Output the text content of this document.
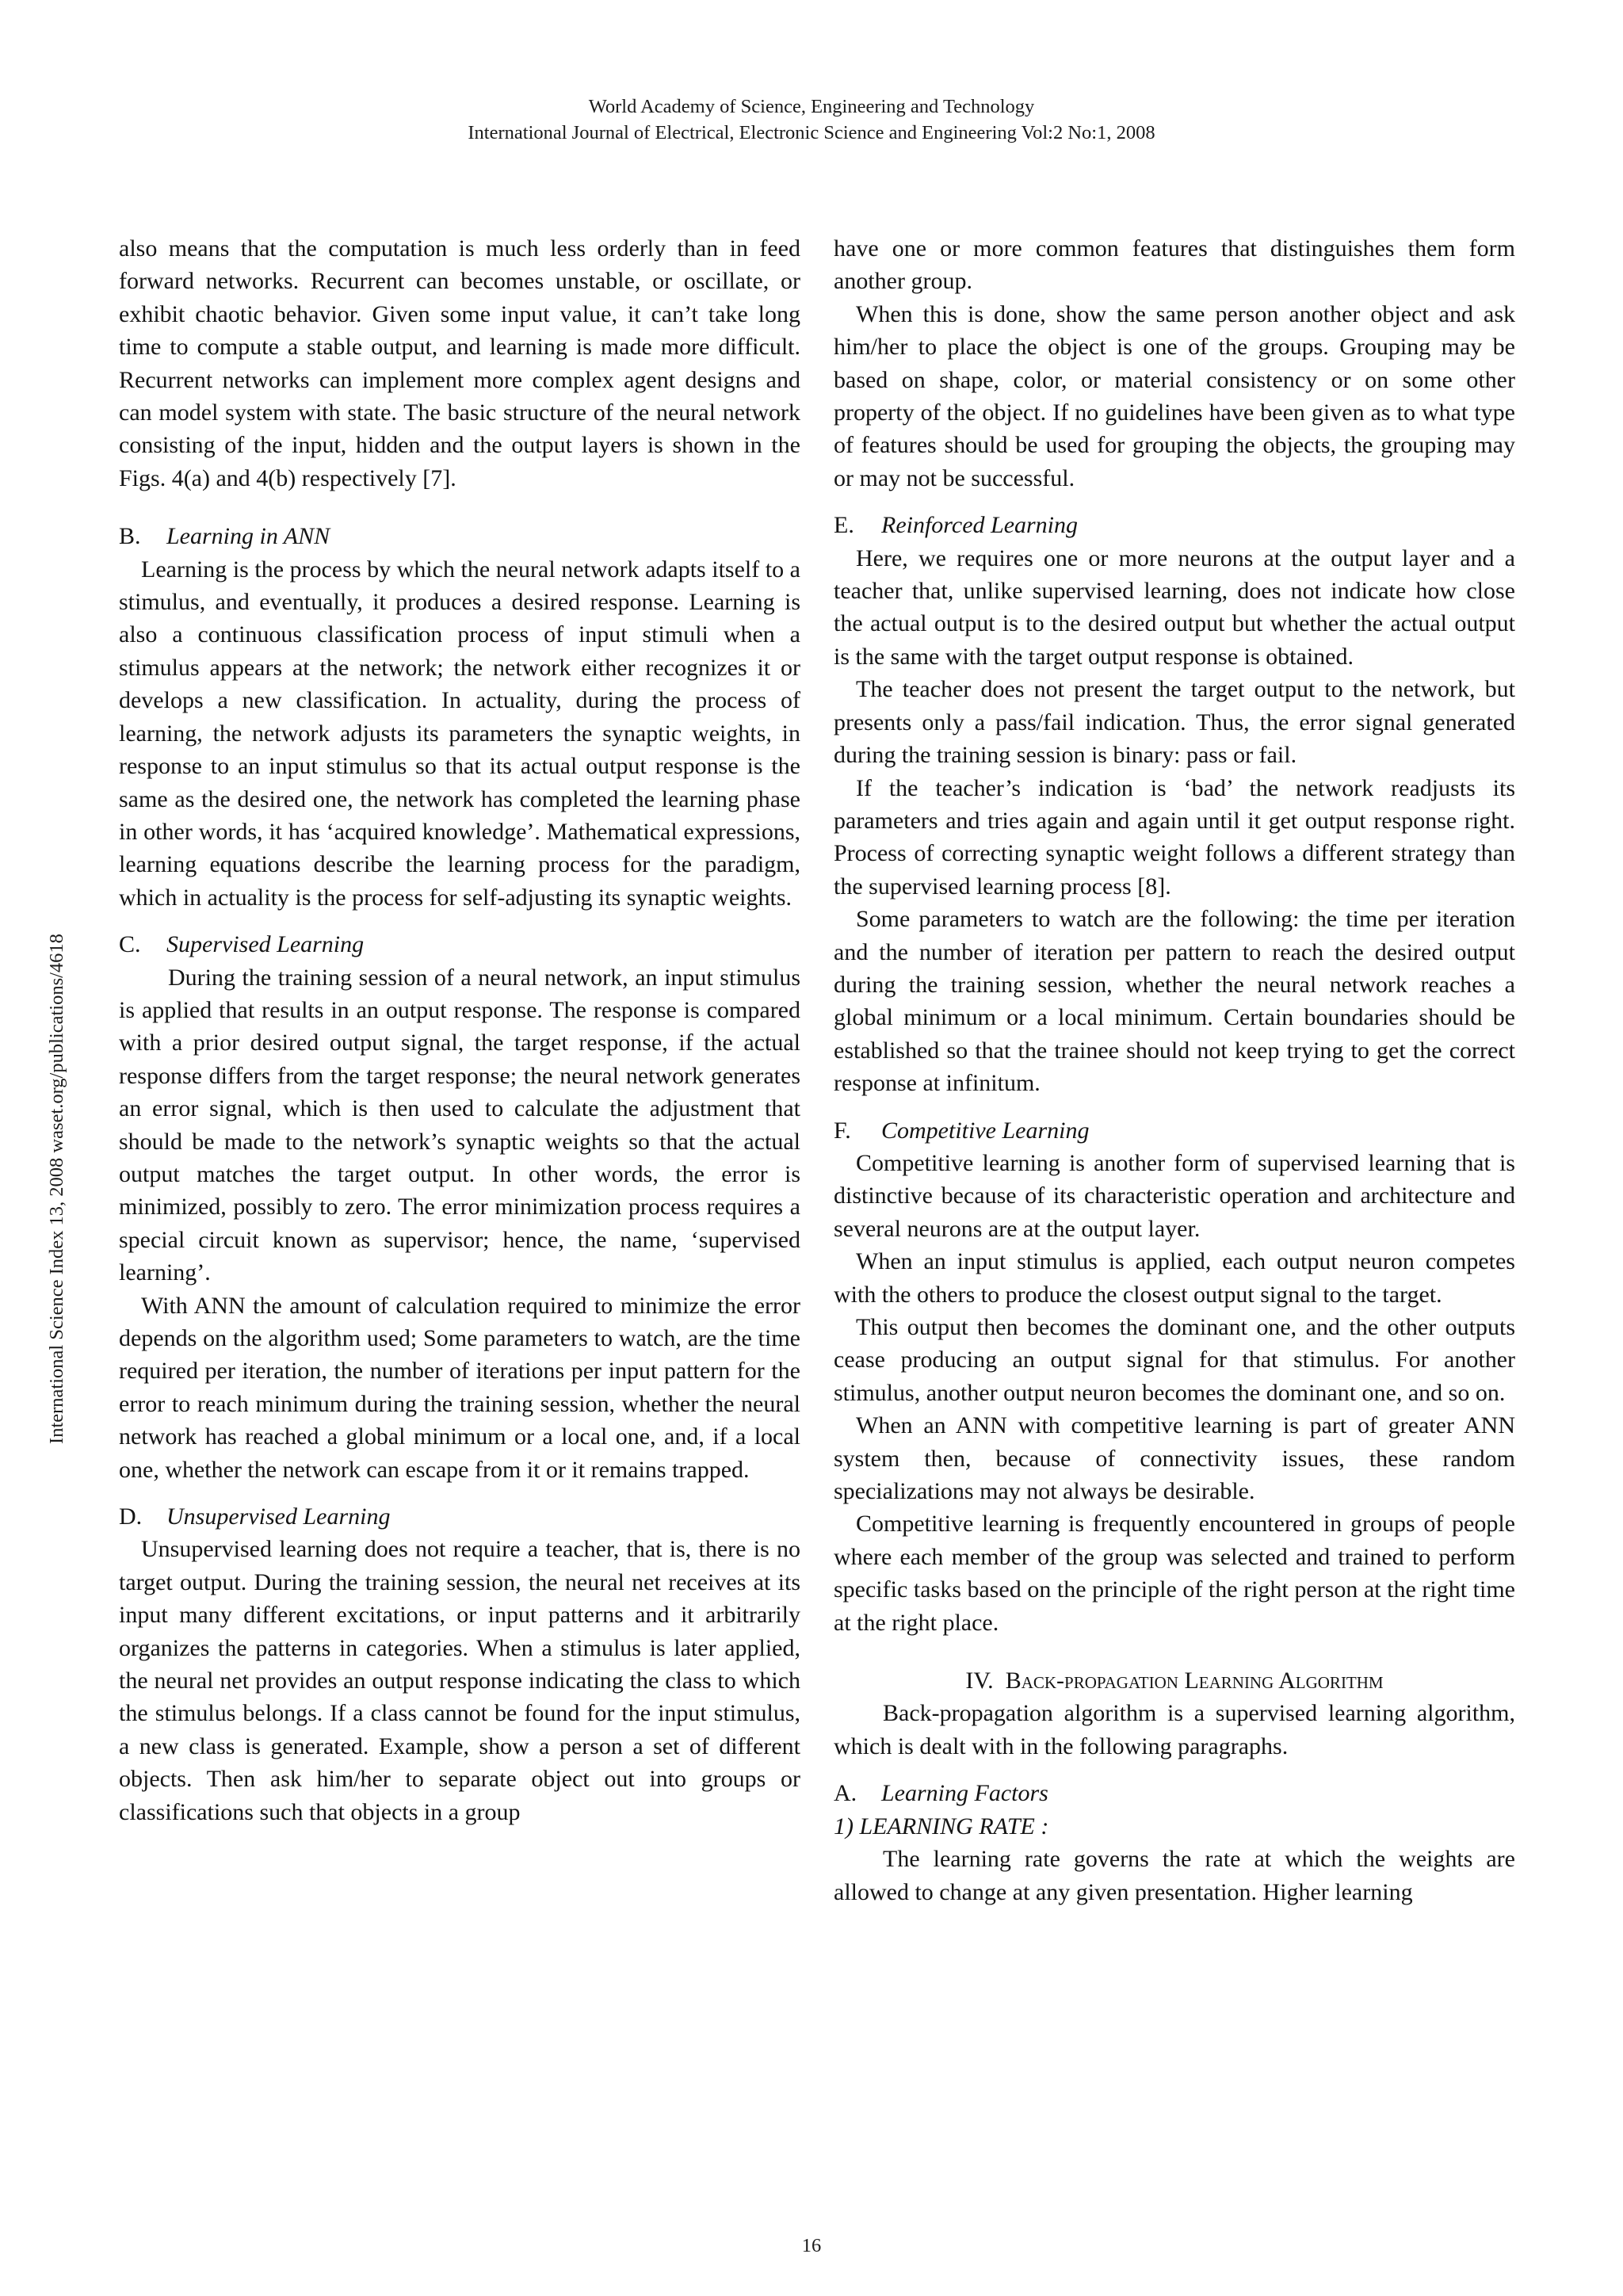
World Academy of Science, Engineering and Technology
International Journal of Electrical, Electronic Science and Engineering Vol:2 No:1, 2008
International Science Index 13, 2008 waset.org/publications/4618

also means that the computation is much less orderly than in feed forward networks. Recurrent can becomes unstable, or oscillate, or exhibit chaotic behavior. Given some input value, it can’t take long time to compute a stable output, and learning is made more difficult. Recurrent networks can implement more complex agent designs and can model system with state. The basic structure of the neural network consisting of the input, hidden and the output layers is shown in the Figs. 4(a) and 4(b) respectively [7].

B. Learning in ANN

Learning is the process by which the neural network adapts itself to a stimulus, and eventually, it produces a desired response. Learning is also a continuous classification process of input stimuli when a stimulus appears at the network; the network either recognizes it or develops a new classification. In actuality, during the process of learning, the network adjusts its parameters the synaptic weights, in response to an input stimulus so that its actual output response is the same as the desired one, the network has completed the learning phase in other words, it has ‘acquired knowledge’. Mathematical expressions, learning equations describe the learning process for the paradigm, which in actuality is the process for self-adjusting its synaptic weights.

C. Supervised Learning

During the training session of a neural network, an input stimulus is applied that results in an output response. The response is compared with a prior desired output signal, the target response, if the actual response differs from the target response; the neural network generates an error signal, which is then used to calculate the adjustment that should be made to the network’s synaptic weights so that the actual output matches the target output. In other words, the error is minimized, possibly to zero. The error minimization process requires a special circuit known as supervisor; hence, the name, ‘supervised learning’.

With ANN the amount of calculation required to minimize the error depends on the algorithm used; Some parameters to watch, are the time required per iteration, the number of iterations per input pattern for the error to reach minimum during the training session, whether the neural network has reached a global minimum or a local one, and, if a local one, whether the network can escape from it or it remains trapped.

D. Unsupervised Learning

Unsupervised learning does not require a teacher, that is, there is no target output. During the training session, the neural net receives at its input many different excitations, or input patterns and it arbitrarily organizes the patterns in categories. When a stimulus is later applied, the neural net provides an output response indicating the class to which the stimulus belongs. If a class cannot be found for the input stimulus, a new class is generated. Example, show a person a set of different objects. Then ask him/her to separate object out into groups or classifications such that objects in a group

have one or more common features that distinguishes them form another group.

When this is done, show the same person another object and ask him/her to place the object is one of the groups. Grouping may be based on shape, color, or material consistency or on some other property of the object. If no guidelines have been given as to what type of features should be used for grouping the objects, the grouping may or may not be successful.

E. Reinforced Learning

Here, we requires one or more neurons at the output layer and a teacher that, unlike supervised learning, does not indicate how close the actual output is to the desired output but whether the actual output is the same with the target output response is obtained.

The teacher does not present the target output to the network, but presents only a pass/fail indication. Thus, the error signal generated during the training session is binary: pass or fail.

If the teacher’s indication is ‘bad’ the network readjusts its parameters and tries again and again until it get output response right. Process of correcting synaptic weight follows a different strategy than the supervised learning process [8].

Some parameters to watch are the following: the time per iteration and the number of iteration per pattern to reach the desired output during the training session, whether the neural network reaches a global minimum or a local minimum. Certain boundaries should be established so that the trainee should not keep trying to get the correct response at infinitum.

F. Competitive Learning

Competitive learning is another form of supervised learning that is distinctive because of its characteristic operation and architecture and several neurons are at the output layer.

When an input stimulus is applied, each output neuron competes with the others to produce the closest output signal to the target.

This output then becomes the dominant one, and the other outputs cease producing an output signal for that stimulus. For another stimulus, another output neuron becomes the dominant one, and so on.

When an ANN with competitive learning is part of greater ANN system then, because of connectivity issues, these random specializations may not always be desirable.

Competitive learning is frequently encountered in groups of people where each member of the group was selected and trained to perform specific tasks based on the principle of the right person at the right time at the right place.

IV. Back-propagation Learning Algorithm

Back-propagation algorithm is a supervised learning algorithm, which is dealt with in the following paragraphs.

A. Learning Factors
1) LEARNING RATE :

The learning rate governs the rate at which the weights are allowed to change at any given presentation. Higher learning

16
